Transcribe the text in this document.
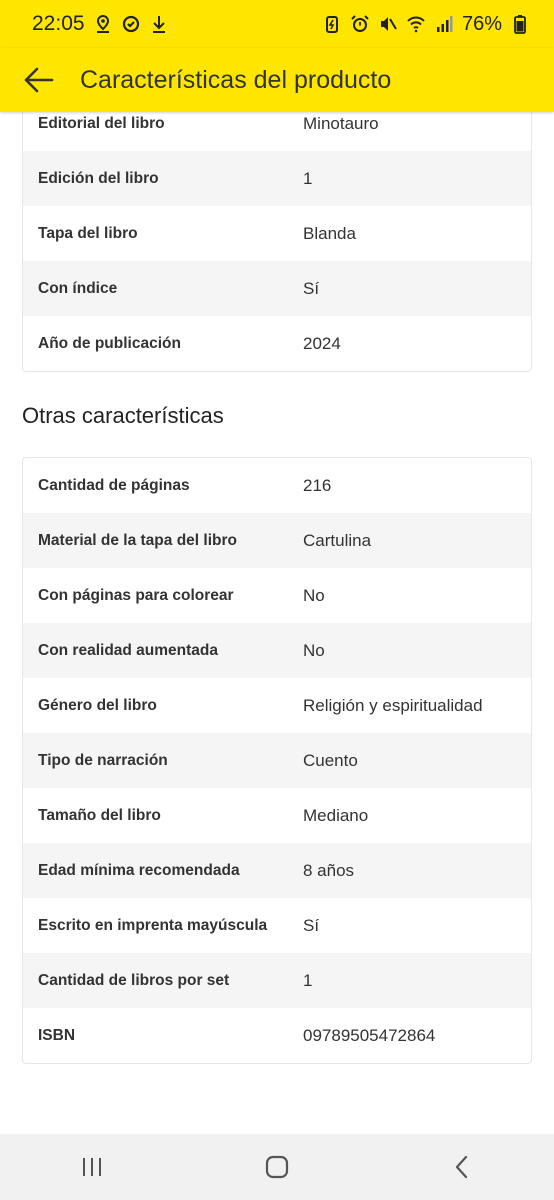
22:05	76%
Características del producto
Editorial del libro	Minotauro
Edición del libro	1
Tapa del libro	Blanda
Con índice	Sí
Año de publicación	2024
Otras características
Cantidad de páginas	216
Material de la tapa del libro	Cartulina
Con páginas para colorear	No
Con realidad aumentada	No
Género del libro	Religión y espiritualidad
Tipo de narración	Cuento
Tamaño del libro	Mediano
Edad mínima recomendada	8 años
Escrito en imprenta mayúscula	Sí
Cantidad de libros por set	1
ISBN	09789505472864
